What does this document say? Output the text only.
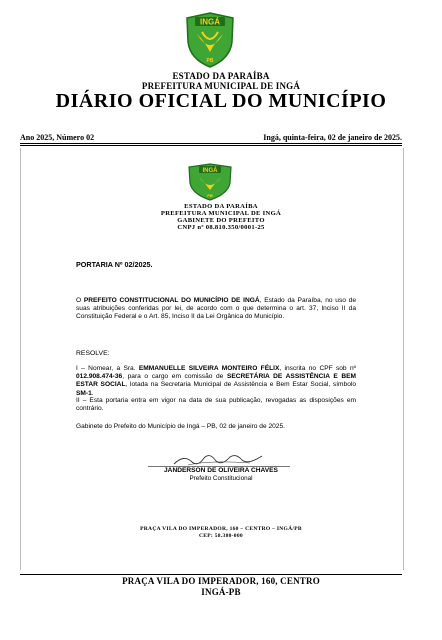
INGÁ
PB
ESTADO DA PARAÍBA
PREFEITURA MUNICIPAL DE INGÁ
DIÁRIO OFICIAL DO MUNICÍPIO
Ano 2025, Número 02	Ingá, quinta-feira, 02 de janeiro de 2025.
INGÁ
PB
ESTADO DA PARAÍBA
PREFEITURA MUNICIPAL DE INGÁ
GABINETE DO PREFEITO
CNPJ nº 08.810.350/0001-25
PORTARIA Nº 02/2025.
O PREFEITO CONSTITUCIONAL DO MUNICÍPIO DE INGÁ, Estado da Paraíba, no uso de suas atribuições conferidas por lei, de acordo com o que determina o art. 37, Inciso II da Constituição Federal e o Art. 85, Inciso II da Lei Orgânica do Município.
RESOLVE:
I – Nomear, a Sra. EMMANUELLE SILVEIRA MONTEIRO FÉLIX, inscrita no CPF sob nº 012.908.474-36, para o cargo em comissão de SECRETÁRIA DE ASSISTÊNCIA E BEM ESTAR SOCIAL, lotada na Secretaria Municipal de Assistência e Bem Estar Social, símbolo SM-1.
II – Esta portaria entra em vigor na data de sua publicação, revogadas as disposições em contrário.
Gabinete do Prefeito do Município de Ingá – PB, 02 de janeiro de 2025.
JANDERSON DE OLIVEIRA CHAVES
Prefeito Constitucional
PRAÇA VILA DO IMPERADOR, 160 – CENTRO – INGÁ/PB
CEP: 58.380-000
PRAÇA VILA DO IMPERADOR, 160, CENTRO
INGÁ-PB
